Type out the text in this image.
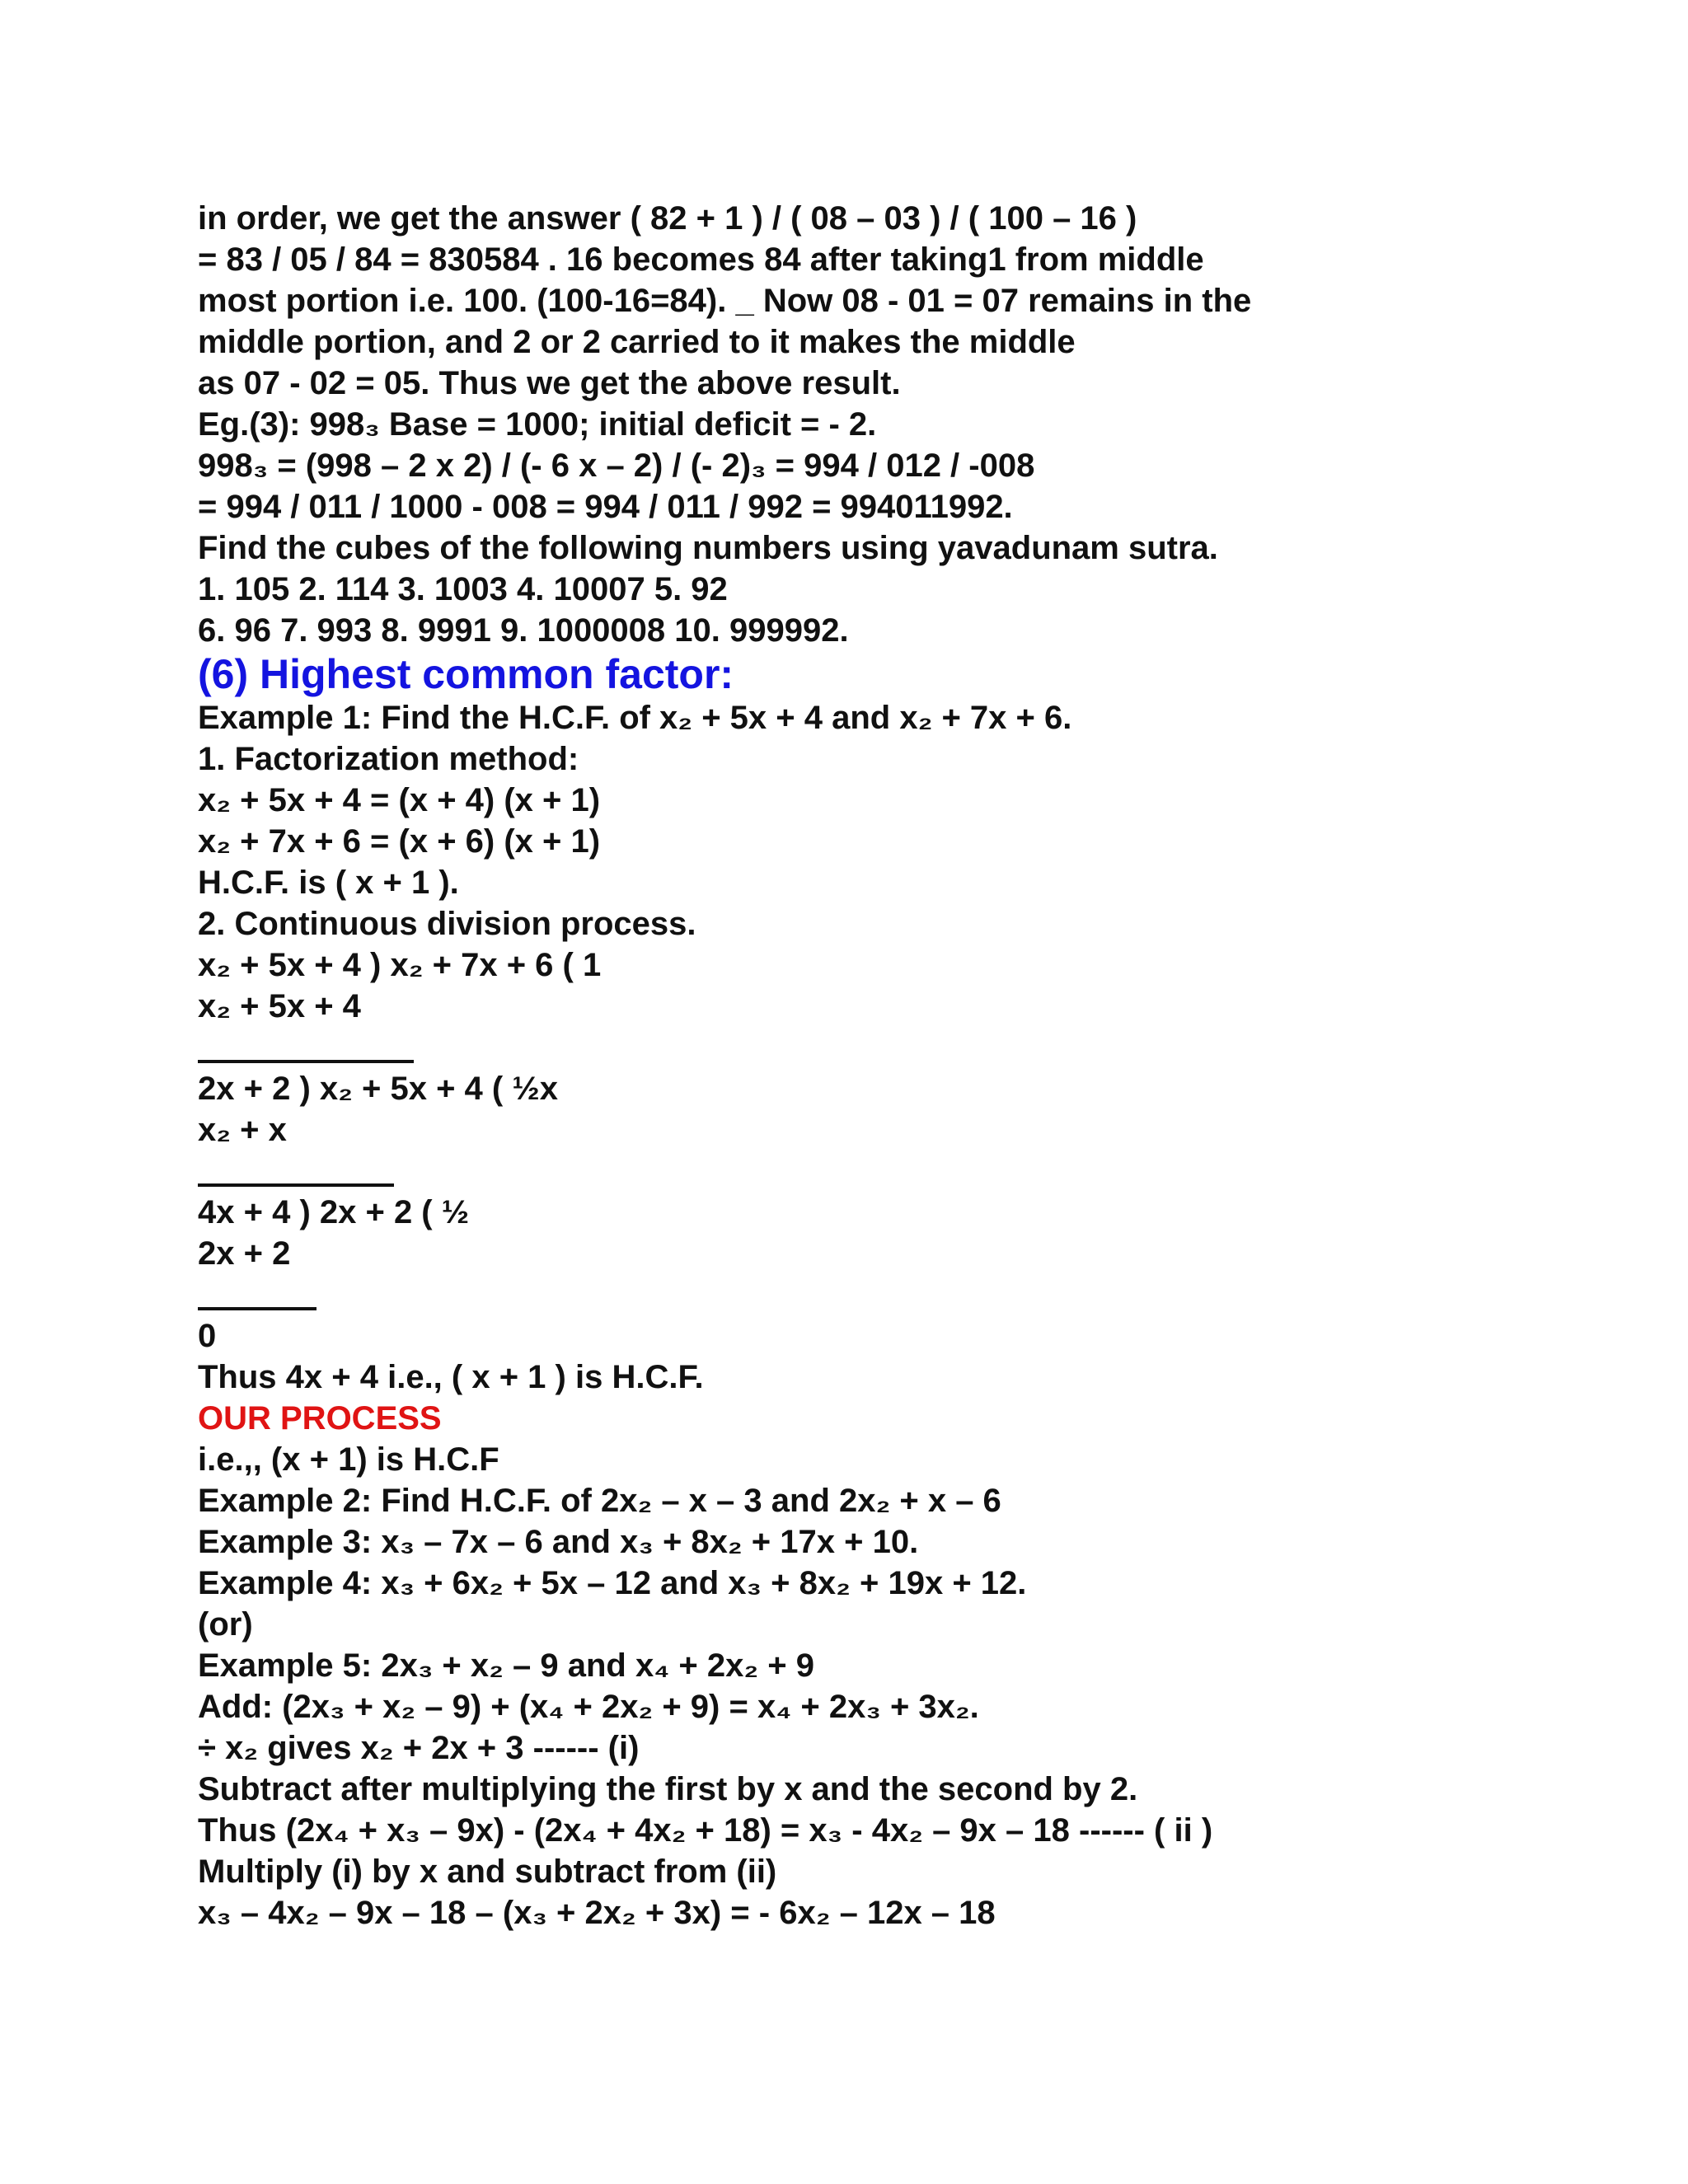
in order, we get the answer ( 82 + 1 ) / ( 08 – 03 ) / ( 100 – 16 )
= 83 / 05 / 84 = 830584 . 16 becomes 84 after taking1 from middle
most portion i.e. 100. (100-16=84). _ Now 08 - 01 = 07 remains in the
middle portion, and 2 or 2 carried to it makes the middle
as 07 - 02 = 05. Thus we get the above result.
Eg.(3): 998₃ Base = 1000; initial deficit = - 2.
998₃ = (998 – 2 x 2) / (- 6 x – 2) / (- 2)₃ = 994 / 012 / -008
= 994 / 011 / 1000 - 008 = 994 / 011 / 992 = 994011992.
Find the cubes of the following numbers using yavadunam sutra.
1. 105 2. 114 3. 1003 4. 10007 5. 92
6. 96 7. 993 8. 9991 9. 1000008 10. 999992.
(6) Highest common factor:
Example 1: Find the H.C.F. of x₂ + 5x + 4 and x₂ + 7x + 6.
1. Factorization method:
x₂ + 5x + 4 = (x + 4) (x + 1)
x₂ + 7x + 6 = (x + 6) (x + 1)
H.C.F. is ( x + 1 ).
2. Continuous division process.
x₂ + 5x + 4 ) x₂ + 7x + 6 ( 1
x₂ + 5x + 4
2x + 2 ) x₂ + 5x + 4 ( ½x
x₂ + x
4x + 4 ) 2x + 2 ( ½
2x + 2
0
Thus 4x + 4 i.e., ( x + 1 ) is H.C.F.
OUR PROCESS
i.e.,, (x + 1) is H.C.F
Example 2: Find H.C.F. of 2x₂ – x – 3 and 2x₂ + x – 6
Example 3: x₃ – 7x – 6 and x₃ + 8x₂ + 17x + 10.
Example 4: x₃ + 6x₂ + 5x – 12 and x₃ + 8x₂ + 19x + 12.
(or)
Example 5: 2x₃ + x₂ – 9 and x₄ + 2x₂ + 9
Add: (2x₃ + x₂ – 9) + (x₄ + 2x₂ + 9) = x₄ + 2x₃ + 3x₂.
÷ x₂ gives x₂ + 2x + 3 ------ (i)
Subtract after multiplying the first by x and the second by 2.
Thus (2x₄ + x₃ – 9x) - (2x₄ + 4x₂ + 18) = x₃ - 4x₂ – 9x – 18 ------ ( ii )
Multiply (i) by x and subtract from (ii)
x₃ – 4x₂ – 9x – 18 – (x₃ + 2x₂ + 3x) = - 6x₂ – 12x – 18
